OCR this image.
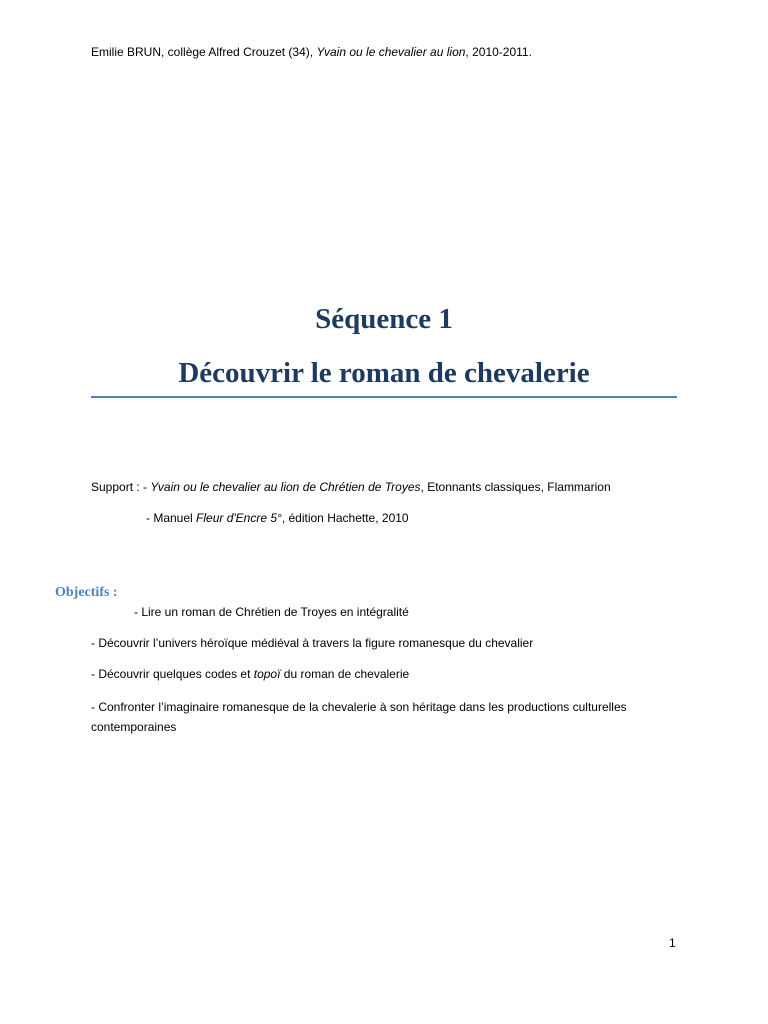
Emilie BRUN, collège Alfred Crouzet (34), Yvain ou le chevalier au lion, 2010-2011.
Séquence 1
Découvrir le roman de chevalerie
Support : - Yvain ou le chevalier au lion de Chrétien de Troyes, Etonnants classiques, Flammarion
- Manuel Fleur d'Encre 5°, édition Hachette, 2010
Objectifs :
- Lire un roman de Chrétien de Troyes en intégralité
- Découvrir l’univers héroïque médiéval à travers la figure romanesque du chevalier
- Découvrir quelques codes et topoï du roman de chevalerie
- Confronter l’imaginaire romanesque de la chevalerie à son héritage dans les productions culturelles contemporaines
1
